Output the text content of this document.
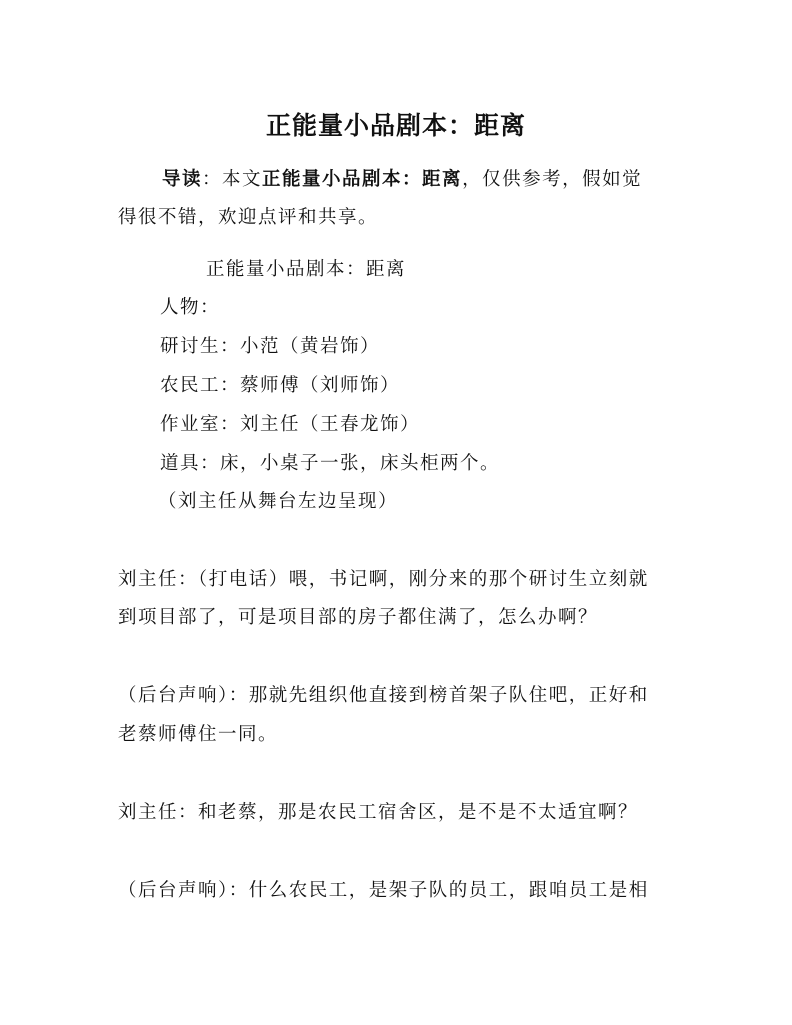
正能量小品剧本：距离
导读：本文正能量小品剧本：距离，仅供参考，假如觉
得很不错，欢迎点评和共享。
正能量小品剧本：距离
人物：
研讨生：小范（黄岩饰）
农民工：蔡师傅（刘师饰）
作业室：刘主任（王春龙饰）
道具：床，小桌子一张，床头柜两个。
（刘主任从舞台左边呈现）
刘主任：（打电话）喂，书记啊，刚分来的那个研讨生立刻就
到项目部了，可是项目部的房子都住满了，怎么办啊？
（后台声响）：那就先组织他直接到榜首架子队住吧，正好和
老蔡师傅住一同。
刘主任：和老蔡，那是农民工宿舍区，是不是不太适宜啊？
（后台声响）：什么农民工，是架子队的员工，跟咱员工是相
